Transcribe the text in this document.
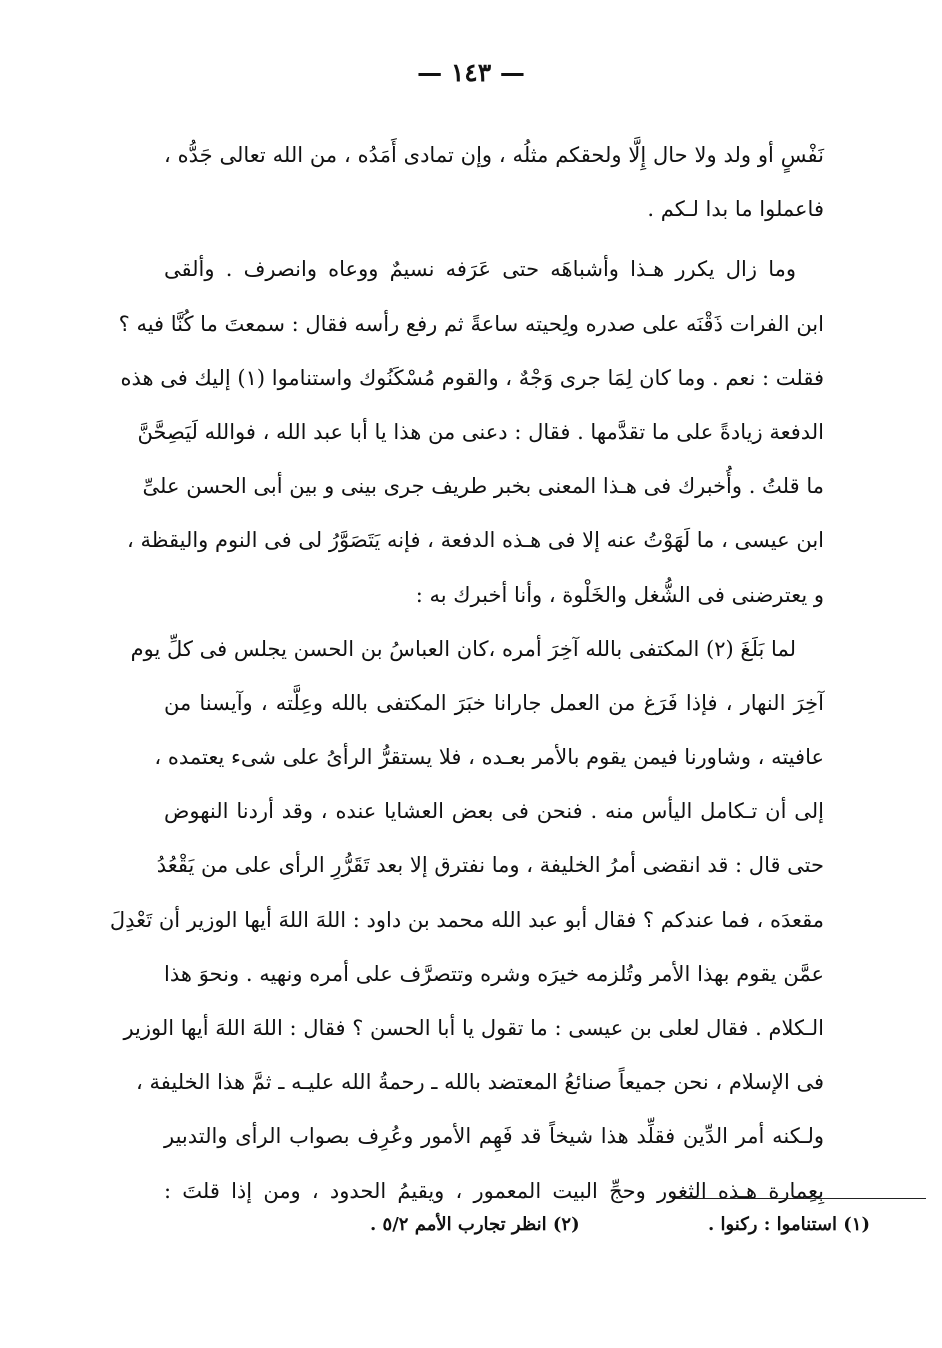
— ١٤٣ —
نَفْسٍ أو ولد ولا حال إِلَّا ولحقكم مثلُه ، وإن تمادى أَمَدُه ، من الله تعالى جَدُّه ،
فاعملوا ما بدا لـكم .
وما زال يكرر هـذا وأشباهَه حتى عَرَفه نسيمٌ ووعاه وانصرف . وألقى
ابن الفرات ذَقْنَه على صدره ولِحيته ساعةً ثم رفع رأسه فقال : سمعتَ ما كُنَّا فيه ؟
فقلت : نعم . وما كان لِمَا جرى وَجْهٌ ، والقوم مُسْكَنُوك واستناموا (١) إليك فى هذه
الدفعة زيادةً على ما تقدَّمها . فقال : دعنى من هذا يا أبا عبد الله ، فوالله لَيَصِحَّنَّ
ما قلتُ . وأُخبرك فى هـذا المعنى بخبر طريف جرى بينى و بين أبى الحسن علىِّ
ابن عيسى ، ما لَهَوْتُ عنه إلا فى هـذه الدفعة ، فإنه يَتَصَوَّرُ لى فى النوم واليقظة ،
و يعترضنى فى الشُّغل والخَلْوة ، وأنا أخبرك به :
لما بَلَغَ (٢) المكتفى بالله آخِرَ أمره ،كان العباسُ بن الحسن يجلس فى كلِّ يوم
آخِرَ النهار ، فإذا فَرَغ من العمل جارانا خبَرَ المكتفى بالله وعِلَّته ، وآيسنا من
عافيته ، وشاورنا فيمن يقوم بالأمر بعـده ، فلا يستقرُّ الرأىُ على شىء يعتمده ،
إلى أن تـكامل اليأس منه . فنحن فى بعض العشايا عنده ، وقد أردنا النهوض
حتى قال : قد انقضى أمرُ الخليفة ، وما نفترق إلا بعد تَقَرُّرِ الرأى على من يَقْعُدُ
مقعدَه ، فما عندكم ؟ فقال أبو عبد الله محمد بن داود : اللهَ اللهَ أيها الوزير أن تَعْدِلَ
عمَّن يقوم بهذا الأمر وتُلزمه خيرَه وشره وتتصرَّف على أمره ونهيه . ونحوَ هذا
الـكلام . فقال لعلى بن عيسى : ما تقول يا أبا الحسن ؟ فقال : اللهَ اللهَ أيها الوزير
فى الإسلام ، نحن جميعاً صنائعُ المعتضد بالله ـ رحمةُ الله عليـه ـ ثمَّ هذا الخليفة ،
ولـكنه أمر الدِّين فقلِّد هذا شيخاً قد فَهِم الأمور وعُرِف بصواب الرأى والتدبير
بِعِمارة هـذه الثغور وحجِّ البيت المعمور ، ويقيمُ الحدود ، ومن إذا قلتَ :
(١) استناموا : ركنوا .
(٢) انظر تجارب الأمم ٥/٢ .
